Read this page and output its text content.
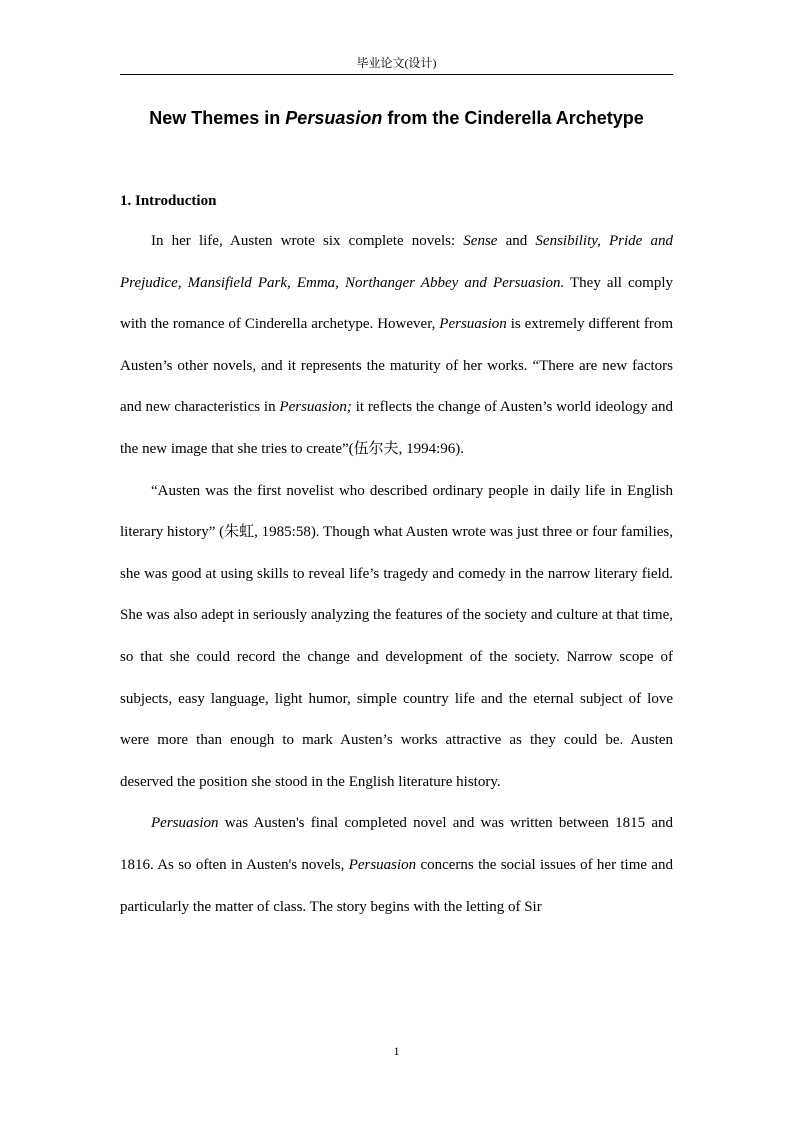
毕业论文(设计)
New Themes in Persuasion from the Cinderella Archetype
1. Introduction

In her life, Austen wrote six complete novels: Sense and Sensibility, Pride and Prejudice, Mansifield Park, Emma, Northanger Abbey and Persuasion. They all comply with the romance of Cinderella archetype. However, Persuasion is extremely different from Austen’s other novels, and it represents the maturity of her works. “There are new factors and new characteristics in Persuasion; it reflects the change of Austen’s world ideology and the new image that she tries to create”(伍尔夫, 1994:96).

“Austen was the first novelist who described ordinary people in daily life in English literary history” (朱虹, 1985:58). Though what Austen wrote was just three or four families, she was good at using skills to reveal life’s tragedy and comedy in the narrow literary field. She was also adept in seriously analyzing the features of the society and culture at that time, so that she could record the change and development of the society. Narrow scope of subjects, easy language, light humor, simple country life and the eternal subject of love were more than enough to mark Austen’s works attractive as they could be. Austen deserved the position she stood in the English literature history.

Persuasion was Austen's final completed novel and was written between 1815 and 1816. As so often in Austen's novels, Persuasion concerns the social issues of her time and particularly the matter of class. The story begins with the letting of Sir

1
